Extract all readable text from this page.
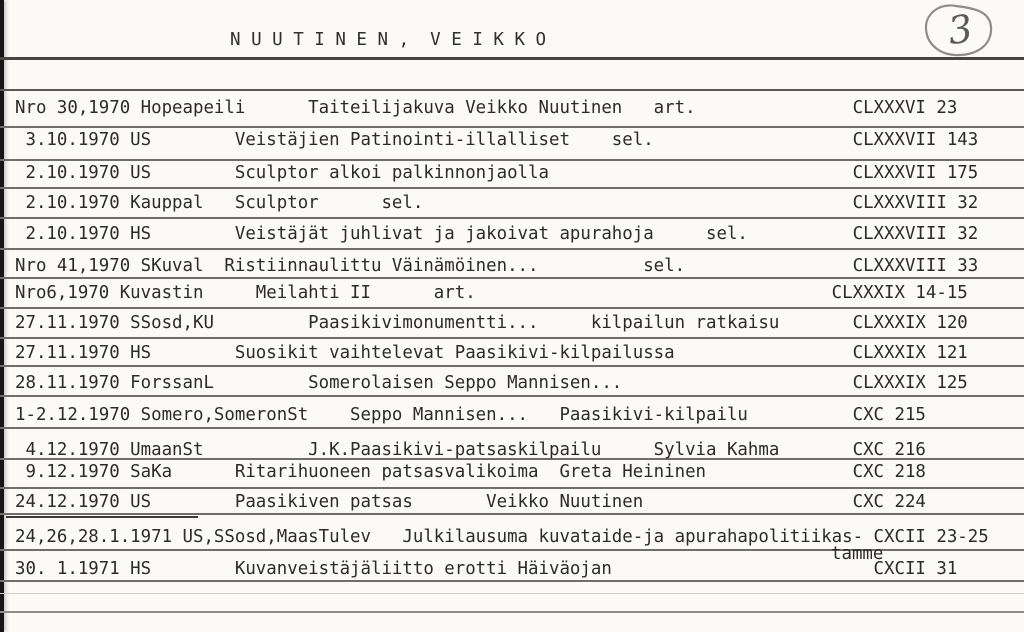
N U U T I N E N ,  V E I K K O	3
Nro 30,1970 Hopeapeili      Taiteilijakuva Veikko Nuutinen   art.               CLXXXVI 23
3.10.1970 US        Veistäjien Patinointi-illalliset    sel.                   CLXXXVII 143
2.10.1970 US        Sculptor alkoi palkinnonjaolla                             CLXXXVII 175
2.10.1970 Kauppal   Sculptor      sel.                                         CLXXXVIII 32
2.10.1970 HS        Veistäjät juhlivat ja jakoivat apurahoja     sel.          CLXXXVIII 32
Nro 41,1970 SKuval  Ristiinnaulittu Väinämöinen...          sel.                CLXXXVIII 33
Nro6,1970 Kuvastin     Meilahti II      art.                                  CLXXXIX 14-15
27.11.1970 SSosd,KU         Paasikivimonumentti...     kilpailun ratkaisu       CLXXXIX 120
27.11.1970 HS        Suosikit vaihtelevat Paasikivi-kilpailussa                 CLXXXIX 121
28.11.1970 ForssanL         Somerolaisen Seppo Mannisen...                      CLXXXIX 125
1-2.12.1970 Somero,SomeronSt    Seppo Mannisen...   Paasikivi-kilpailu          CXC 215
4.12.1970 UmaanSt          J.K.Paasikivi-patsaskilpailu     Sylvia Kahma       CXC 216
9.12.1970 SaKa      Ritarihuoneen patsasvalikoima  Greta Heininen              CXC 218
24.12.1970 US        Paasikiven patsas       Veikko Nuutinen                    CXC 224
24,26,28.1.1971 US,SSosd,MaasTulev   Julkilausuma kuvataide-ja apurahapolitiikas- CXCII 23-25
30. 1.1971 HS        Kuvanveistäjäliitto erotti Häiväojan                         CXCII 31
tamme
